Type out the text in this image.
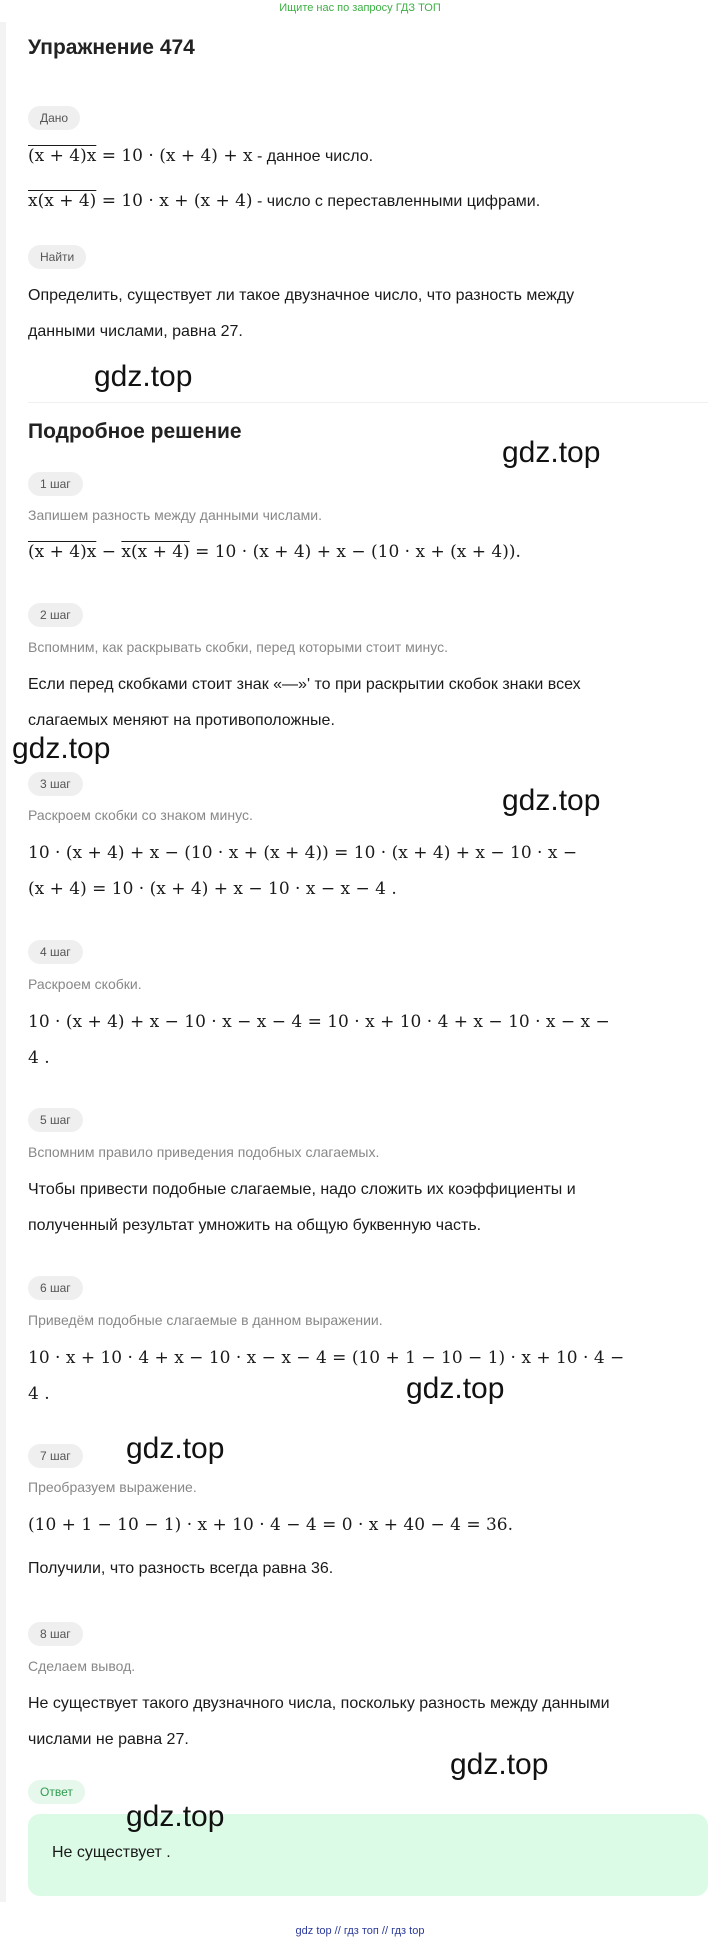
Ищите нас по запросу ГДЗ ТОП
Упражнение 474
Дано
(x + 4)x = 10 · (x + 4) + x - данное число.
x(x + 4) = 10 · x + (x + 4) - число с переставленными цифрами.
Найти
Определить, существует ли такое двузначное число, что разность между
данными числами, равна 27.
gdz.top
Подробное решение
gdz.top
1 шаг
Запишем разность между данными числами.
(x + 4)x − x(x + 4) = 10 · (x + 4) + x − (10 · x + (x + 4)).
2 шаг
Вспомним, как раскрывать скобки, перед которыми стоит минус.
Если перед скобками стоит знак «—»' то при раскрытии скобок знаки всех
слагаемых меняют на противоположные.
gdz.top
3 шаг	gdz.top
Раскроем скобки со знаком минус.
10 · (x + 4) + x − (10 · x + (x + 4)) = 10 · (x + 4) + x − 10 · x −
(x + 4) = 10 · (x + 4) + x − 10 · x − x − 4 .
4 шаг
Раскроем скобки.
10 · (x + 4) + x − 10 · x − x − 4 = 10 · x + 10 · 4 + x − 10 · x − x −
4 .
5 шаг
Вспомним правило приведения подобных слагаемых.
Чтобы привести подобные слагаемые, надо сложить их коэффициенты и
полученный результат умножить на общую буквенную часть.
6 шаг
Приведём подобные слагаемые в данном выражении.
10 · x + 10 · 4 + x − 10 · x − x − 4 = (10 + 1 − 10 − 1) · x + 10 · 4 −
4 .	gdz.top
7 шаг	gdz.top
Преобразуем выражение.
(10 + 1 − 10 − 1) · x + 10 · 4 − 4 = 0 · x + 40 − 4 = 36.
Получили, что разность всегда равна 36.
8 шаг
Сделаем вывод.
Не существует такого двузначного числа, поскольку разность между данными
числами не равна 27.
gdz.top
Ответ
Не существует .
gdz.top
gdz top // гдз топ // гдз top
